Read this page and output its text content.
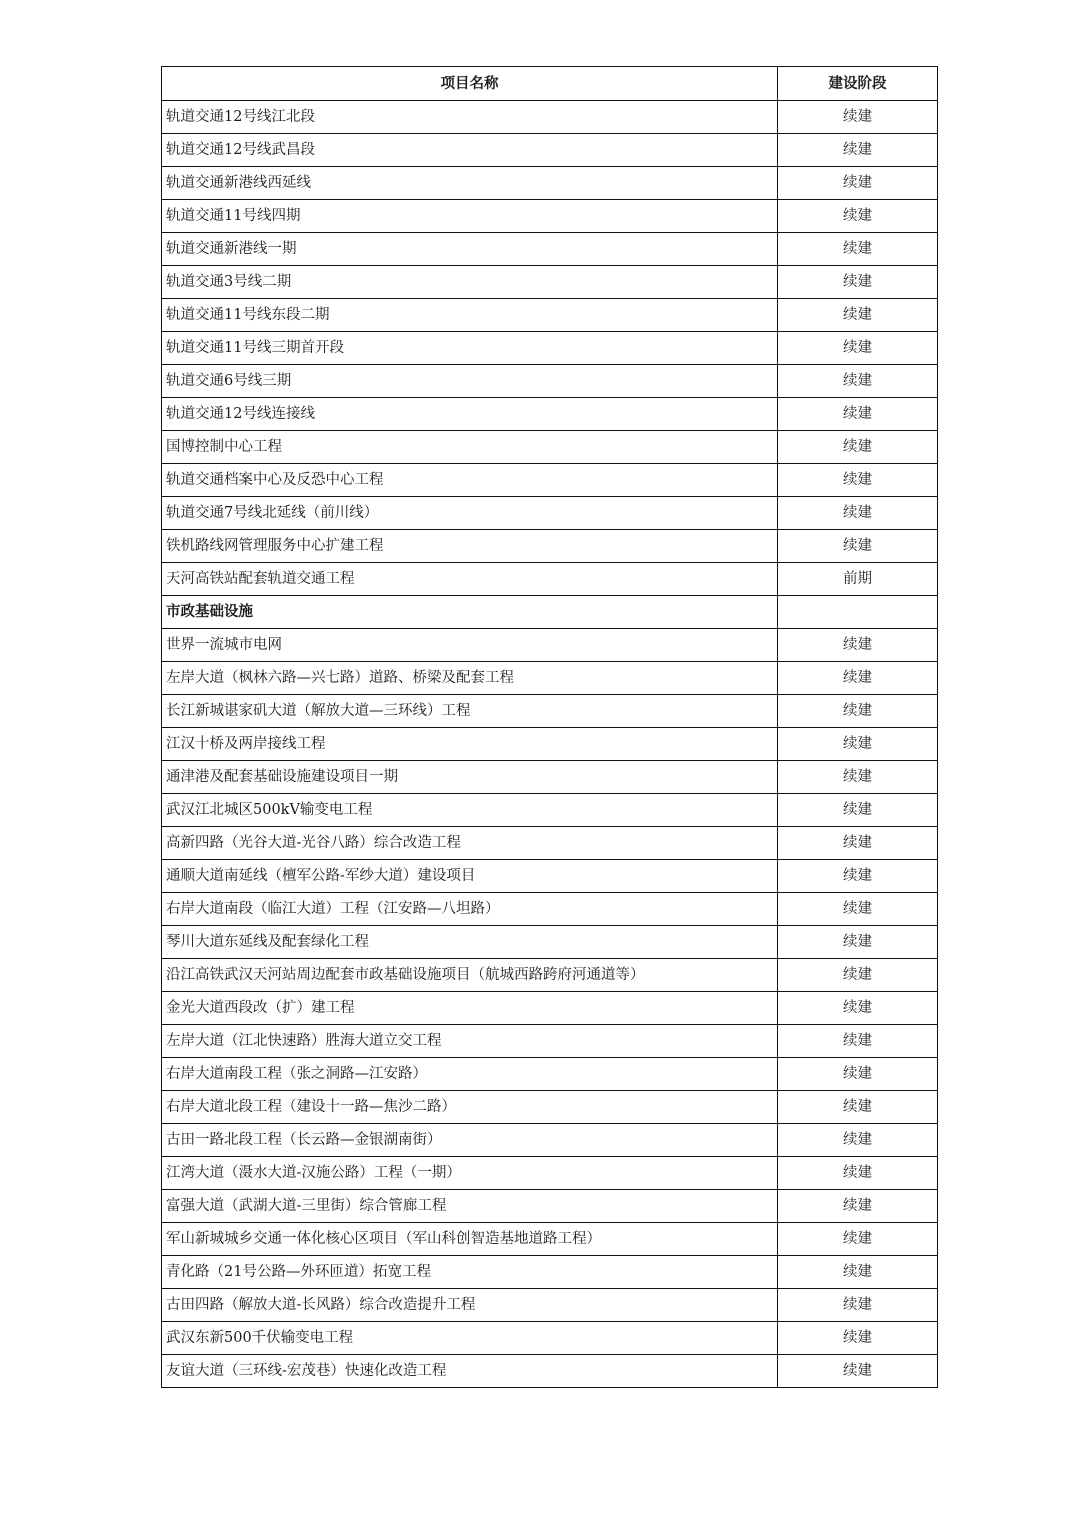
项目名称	建设阶段
轨道交通12号线江北段	续建
轨道交通12号线武昌段	续建
轨道交通新港线西延线	续建
轨道交通11号线四期	续建
轨道交通新港线一期	续建
轨道交通3号线二期	续建
轨道交通11号线东段二期	续建
轨道交通11号线三期首开段	续建
轨道交通6号线三期	续建
轨道交通12号线连接线	续建
国博控制中心工程	续建
轨道交通档案中心及反恐中心工程	续建
轨道交通7号线北延线（前川线）	续建
铁机路线网管理服务中心扩建工程	续建
天河高铁站配套轨道交通工程	前期
市政基础设施	
世界一流城市电网	续建
左岸大道（枫林六路—兴七路）道路、桥梁及配套工程	续建
长江新城谌家矶大道（解放大道—三环线）工程	续建
江汉十桥及两岸接线工程	续建
通津港及配套基础设施建设项目一期	续建
武汉江北城区500kV输变电工程	续建
高新四路（光谷大道-光谷八路）综合改造工程	续建
通顺大道南延线（檀军公路-军纱大道）建设项目	续建
右岸大道南段（临江大道）工程（江安路—八坦路）	续建
琴川大道东延线及配套绿化工程	续建
沿江高铁武汉天河站周边配套市政基础设施项目（航城西路跨府河通道等）	续建
金光大道西段改（扩）建工程	续建
左岸大道（江北快速路）胜海大道立交工程	续建
右岸大道南段工程（张之洞路—江安路）	续建
右岸大道北段工程（建设十一路—焦沙二路）	续建
古田一路北段工程（长云路—金银湖南街）	续建
江湾大道（滠水大道-汉施公路）工程（一期）	续建
富强大道（武湖大道-三里街）综合管廊工程	续建
军山新城城乡交通一体化核心区项目（军山科创智造基地道路工程）	续建
青化路（21号公路—外环匝道）拓宽工程	续建
古田四路（解放大道-长风路）综合改造提升工程	续建
武汉东新500千伏输变电工程	续建
友谊大道（三环线-宏茂巷）快速化改造工程	续建
